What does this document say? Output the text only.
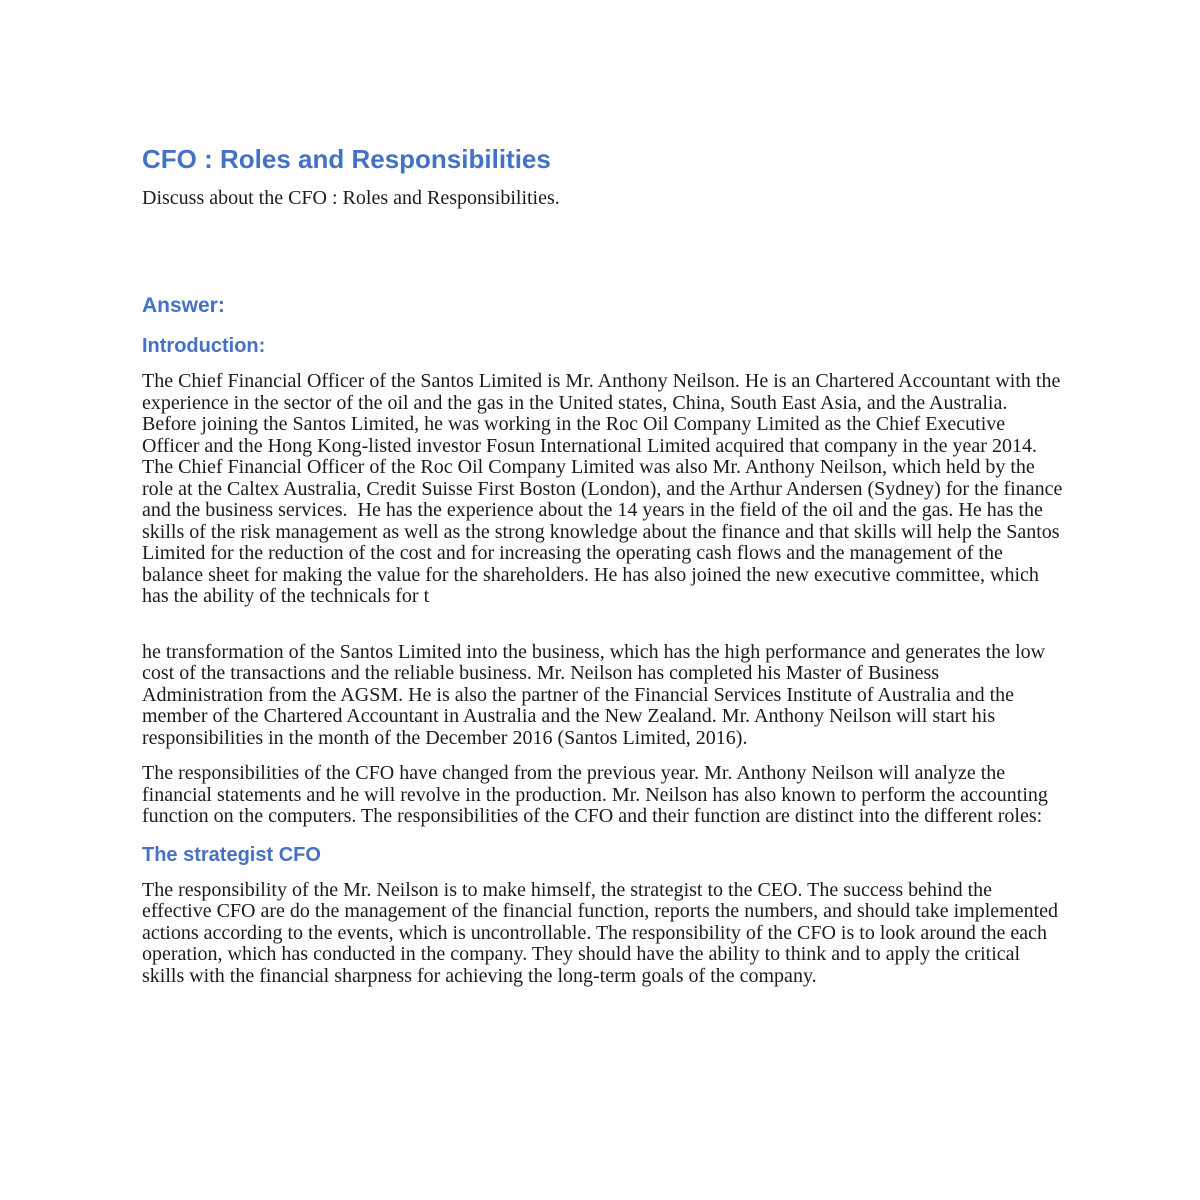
CFO : Roles and Responsibilities

Discuss about the CFO : Roles and Responsibilities.

Answer:
Introduction:

The Chief Financial Officer of the Santos Limited is Mr. Anthony Neilson. He is an Chartered Accountant with the experience in the sector of the oil and the gas in the United states, China, South East Asia, and the Australia. Before joining the Santos Limited, he was working in the Roc Oil Company Limited as the Chief Executive Officer and the Hong Kong-listed investor Fosun International Limited acquired that company in the year 2014. The Chief Financial Officer of the Roc Oil Company Limited was also Mr. Anthony Neilson, which held by the role at the Caltex Australia, Credit Suisse First Boston (London), and the Arthur Andersen (Sydney) for the finance and the business services.  He has the experience about the 14 years in the field of the oil and the gas. He has the skills of the risk management as well as the strong knowledge about the finance and that skills will help the Santos Limited for the reduction of the cost and for increasing the operating cash flows and the management of the balance sheet for making the value for the shareholders. He has also joined the new executive committee, which has the ability of the technicals for t

he transformation of the Santos Limited into the business, which has the high performance and generates the low cost of the transactions and the reliable business. Mr. Neilson has completed his Master of Business Administration from the AGSM. He is also the partner of the Financial Services Institute of Australia and the member of the Chartered Accountant in Australia and the New Zealand. Mr. Anthony Neilson will start his responsibilities in the month of the December 2016 (Santos Limited, 2016).

The responsibilities of the CFO have changed from the previous year. Mr. Anthony Neilson will analyze the financial statements and he will revolve in the production. Mr. Neilson has also known to perform the accounting function on the computers. The responsibilities of the CFO and their function are distinct into the different roles:

The strategist CFO

The responsibility of the Mr. Neilson is to make himself, the strategist to the CEO. The success behind the effective CFO are do the management of the financial function, reports the numbers, and should take implemented actions according to the events, which is uncontrollable. The responsibility of the CFO is to look around the each operation, which has conducted in the company. They should have the ability to think and to apply the critical skills with the financial sharpness for achieving the long-term goals of the company.
